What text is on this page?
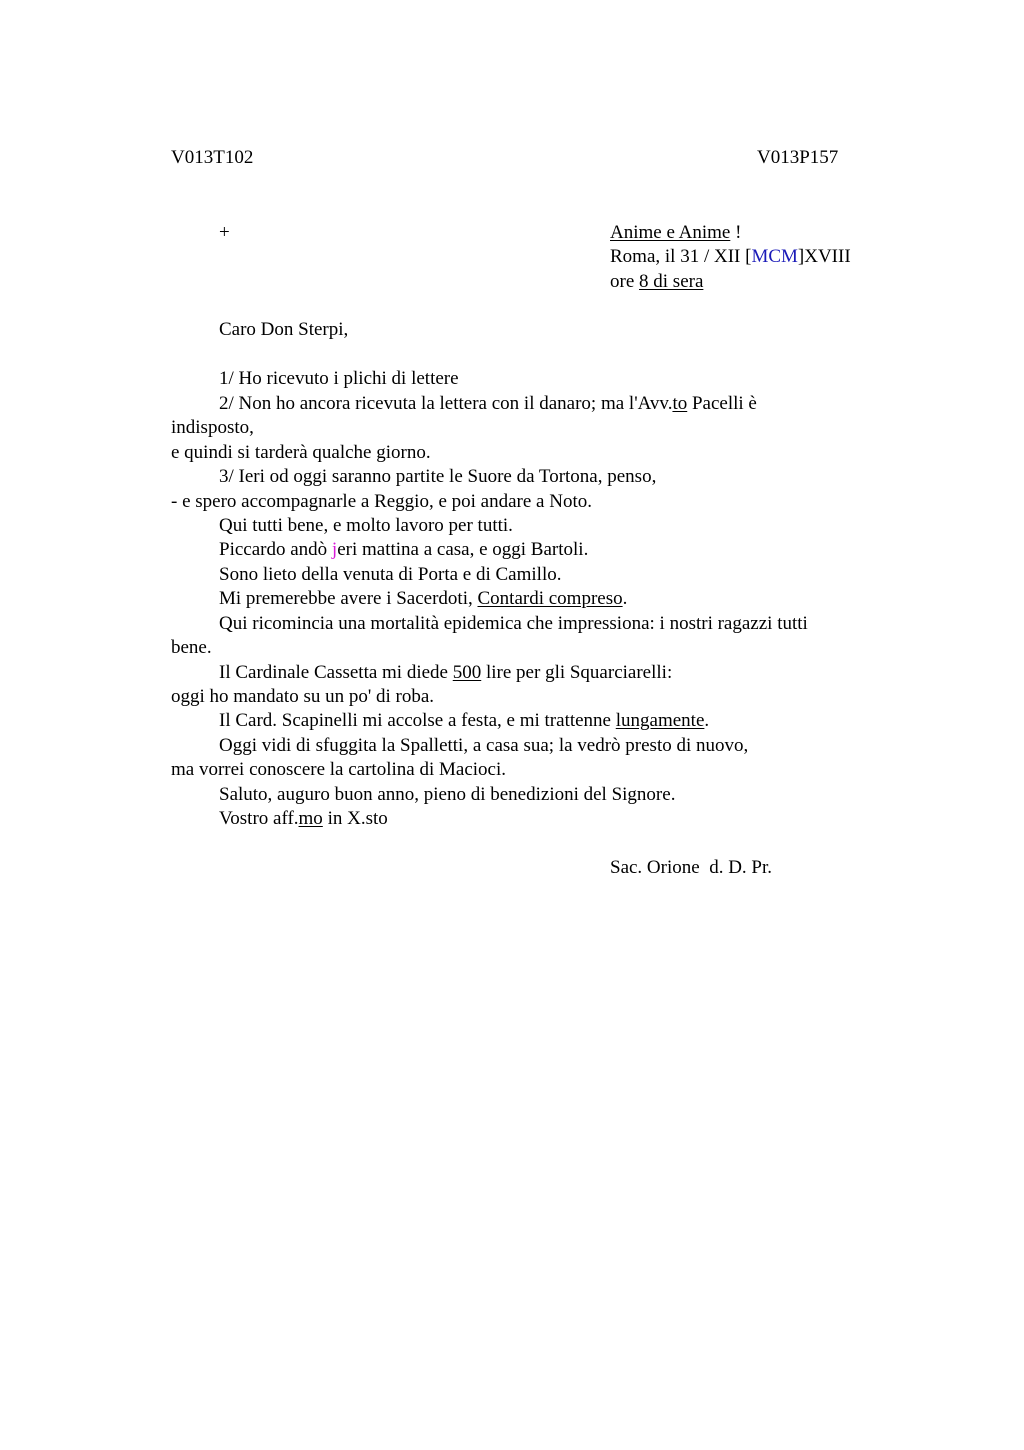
V013T102	V013P157
+	Anime e Anime !
Roma, il 31 / XII [MCM]XVIII
ore 8 di sera
Caro Don Sterpi,
1/ Ho ricevuto i plichi di lettere
2/ Non ho ancora ricevuta la lettera con il danaro; ma l'Avv.to Pacelli è
indisposto,
e quindi si tarderà qualche giorno.
3/ Ieri od oggi saranno partite le Suore da Tortona, penso,
- e spero accompagnarle a Reggio, e poi andare a Noto.
Qui tutti bene, e molto lavoro per tutti.
Piccardo andò jeri mattina a casa, e oggi Bartoli.
Sono lieto della venuta di Porta e di Camillo.
Mi premerebbe avere i Sacerdoti, Contardi compreso.
Qui ricomincia una mortalità epidemica che impressiona: i nostri ragazzi tutti
bene.
Il Cardinale Cassetta mi diede 500 lire per gli Squarciarelli:
oggi ho mandato su un po' di roba.
Il Card. Scapinelli mi accolse a festa, e mi trattenne lungamente.
Oggi vidi di sfuggita la Spalletti, a casa sua; la vedrò presto di nuovo,
ma vorrei conoscere la cartolina di Macioci.
Saluto, auguro buon anno, pieno di benedizioni del Signore.
Vostro aff.mo in X.sto
Sac. Orione  d. D. Pr.
